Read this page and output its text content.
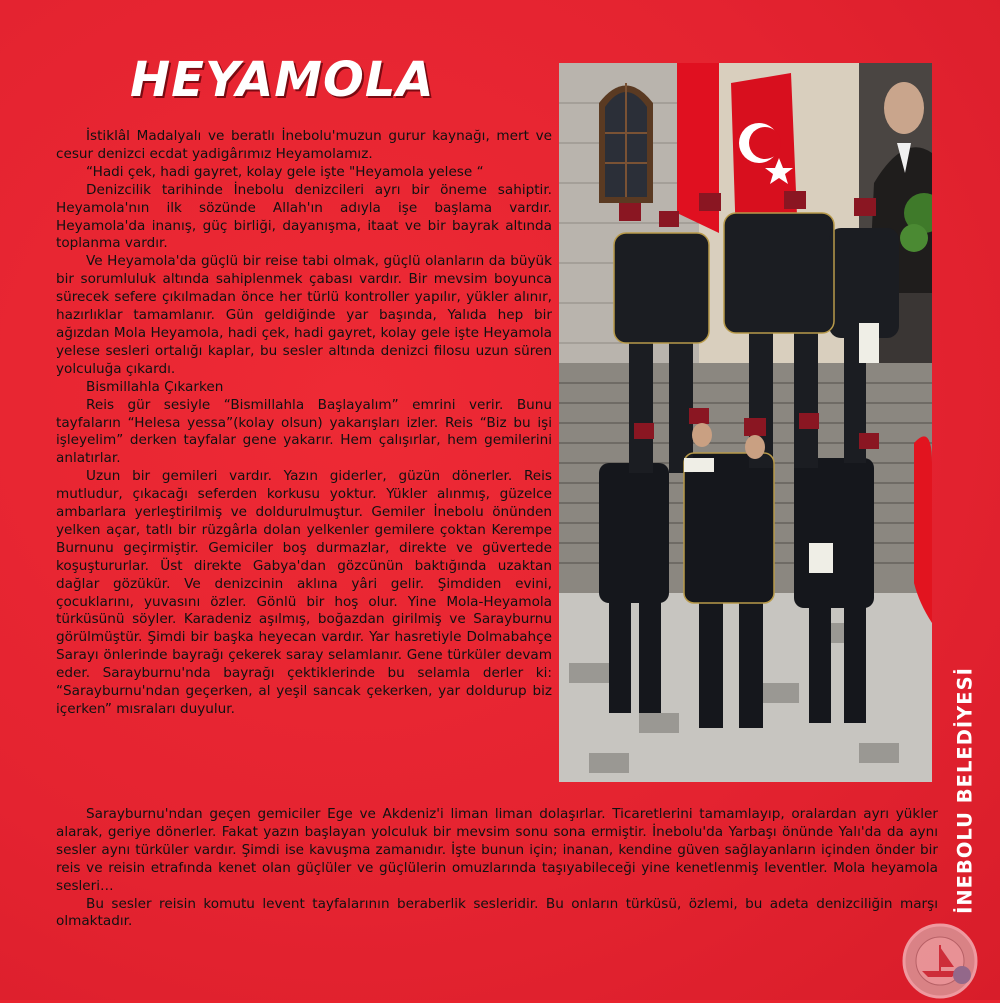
HEYAMOLA

İstiklâl Madalyalı ve beratlı İnebolu'muzun gurur kaynağı, mert ve cesur denizci ecdat yadigârımız Heyamolamız.

“Hadi çek, hadi gayret, kolay gele işte "Heyamola yelese “

Denizcilik tarihinde İnebolu denizcileri ayrı bir öneme sahiptir. Heyamola'nın ilk sözünde Allah'ın adıyla işe başlama vardır. Heyamola'da inanış, güç birliği, dayanışma, itaat ve bir bayrak altında toplanma vardır.

Ve Heyamola'da güçlü bir reise tabi olmak, güçlü olanların da büyük bir sorumluluk altında sahiplenmek çabası vardır. Bir mevsim boyunca sürecek sefere çıkılmadan önce her türlü kontroller yapılır, yükler alınır, hazırlıklar tamamlanır. Gün geldiğinde yar başında, Yalıda hep bir ağızdan Mola Heyamola, hadi çek, hadi gayret, kolay gele işte Heyamola yelese sesleri ortalığı kaplar, bu sesler altında denizci filosu uzun süren yolculuğa çıkardı.

Bismillahla Çıkarken

Reis gür sesiyle “Bismillahla Başlayalım” emrini verir. Bunu tayfaların “Helesa yessa”(kolay olsun) yakarışları izler. Reis “Biz bu işi işleyelim” derken tayfalar gene yakarır. Hem çalışırlar, hem gemilerini anlatırlar.

Uzun bir gemileri vardır. Yazın giderler, güzün dönerler. Reis mutludur, çıkacağı seferden korkusu yoktur. Yükler alınmış, güzelce ambarlara yerleştirilmiş ve doldurulmuştur. Gemiler İnebolu önünden yelken açar, tatlı bir rüzgârla dolan yelkenler gemilere çoktan Kerempe Burnunu geçirmiştir. Gemiciler boş durmazlar, direkte ve güvertede koşuştururlar. Üst direkte Gabya'dan gözcünün baktığında uzaktan dağlar gözükür. Ve denizcinin aklına yâri gelir. Şimdiden evini, çocuklarını, yuvasını özler. Gönlü bir hoş olur. Yine Mola-Heyamola türküsünü söyler. Karadeniz aşılmış, boğazdan girilmiş ve Sarayburnu görülmüştür. Şimdi bir başka heyecan vardır. Yar hasretiyle Dolmabahçe Sarayı önlerinde bayrağı çekerek saray selamlanır. Gene türküler devam eder. Sarayburnu'nda bayrağı çektiklerinde bu selamla derler ki: “Sarayburnu'ndan geçerken, al yeşil sancak çekerken, yar doldurup biz içerken” mısraları duyulur.

Sarayburnu'ndan geçen gemiciler Ege ve Akdeniz'i liman liman dolaşırlar. Ticaretlerini tamamlayıp, oralardan ayrı yükler alarak, geriye dönerler. Fakat yazın başlayan yolculuk bir mevsim sonu sona ermiştir. İnebolu'da Yarbaşı önünde Yalı'da da aynı sesler aynı türküler vardır. Şimdi ise kavuşma zamanıdır. İşte bunun için; inanan, kendine güven sağlayanların içinden önder bir reis ve reisin etrafında kenet olan güçlüler ve güçlülerin omuzlarında taşıyabileceği yine kenetlenmiş leventler. Mola heyamola sesleri…

Bu sesler reisin komutu levent tayfalarının beraberlik sesleridir. Bu onların türküsü, özlemi, bu adeta denizciliğin marşı olmaktadır.

İNEBOLU BELEDİYESİ
